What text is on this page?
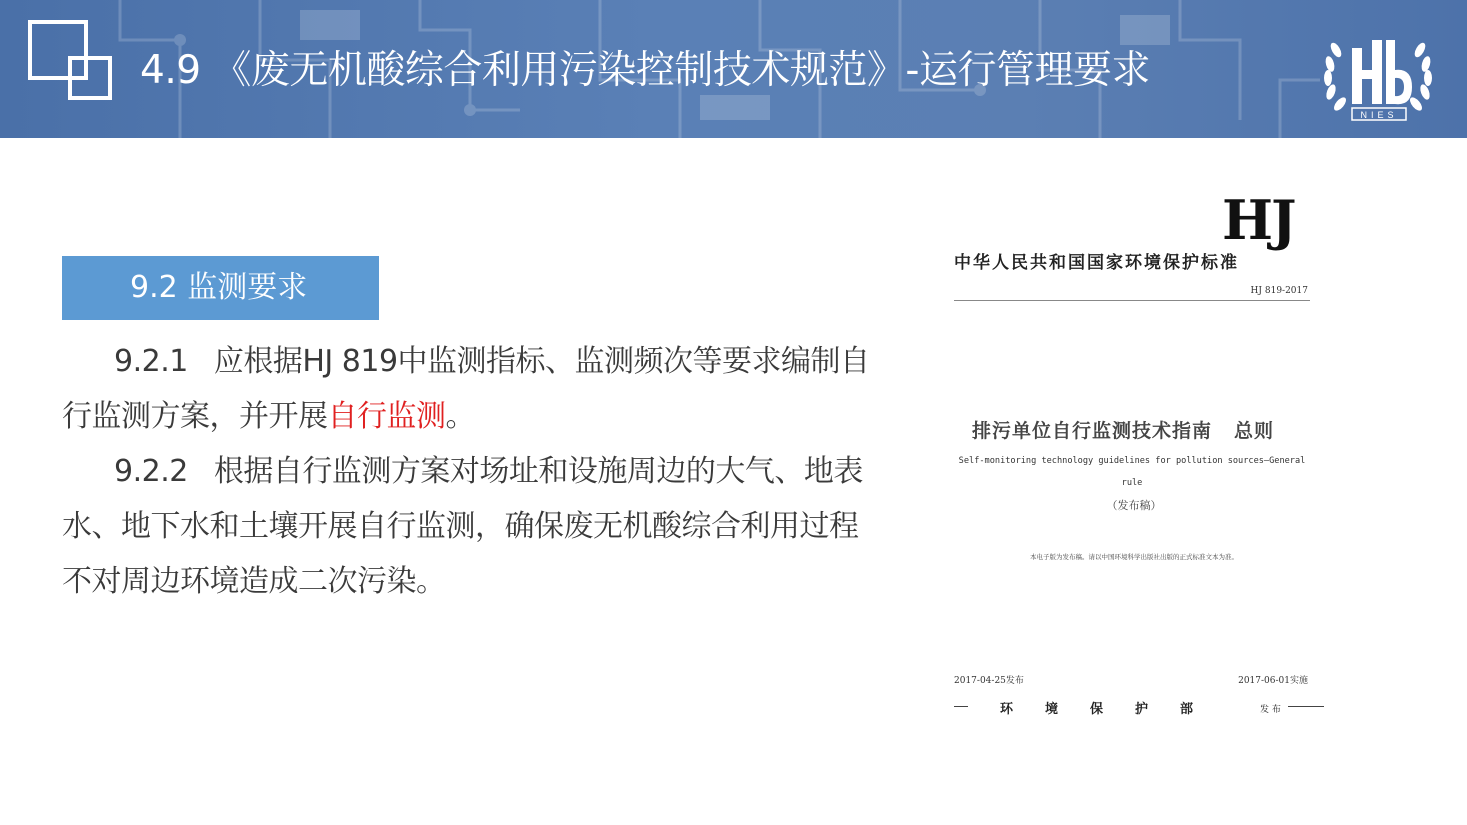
4.9 《废无机酸综合利用污染控制技术规范》-运行管理要求
NIES
9.2 监测要求

9.2.1 应根据HJ 819中监测指标、监测频次等要求编制自行监测方案，并开展自行监测。

9.2.2 根据自行监测方案对场址和设施周边的大气、地表水、地下水和土壤开展自行监测，确保废无机酸综合利用过程不对周边环境造成二次污染。

HJ
中华人民共和国国家环境保护标准
HJ 819-2017
排污单位自行监测技术指南 总则
Self-monitoring technology guidelines for pollution sources—General
rule
（发布稿）
本电子版为发布稿。请以中国环境科学出版社出版的正式标准文本为准。
2017-04-25发布	2017-06-01实施
环境保护部	发 布
